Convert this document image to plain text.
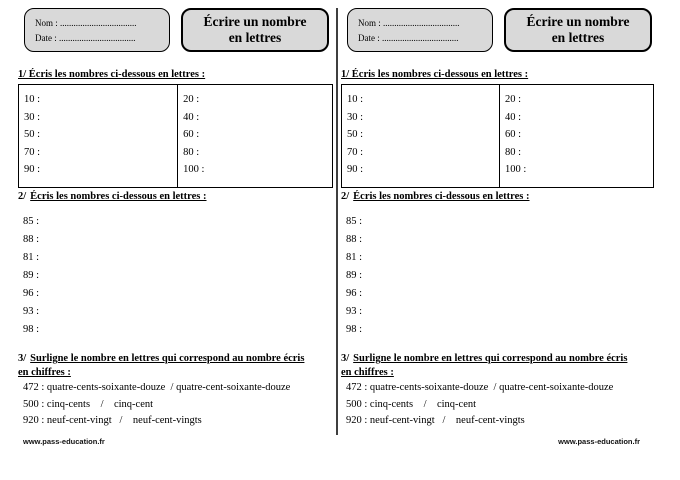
Nom : ..................................
Date : ..................................
Écrire un nombre
en lettres
1/ Écris les nombres ci-dessous en lettres :
10 :
30 :
50 :
70 :
90 :
20 :
40 :
60 :
80 :
100 :
2/ Écris les nombres ci-dessous en lettres :
85 :
88 :
81 :
89 :
96 :
93 :
98 :
3/ Surligne le nombre en lettres qui correspond au nombre écris
en chiffres :
472 : quatre-cents-soixante-douze  / quatre-cent-soixante-douze
500 : cinq-cents    /    cinq-cent
920 : neuf-cent-vingt   /    neuf-cent-vingts
www.pass-education.fr
Nom : ..................................
Date : ..................................
Écrire un nombre
en lettres
1/ Écris les nombres ci-dessous en lettres :
10 :
30 :
50 :
70 :
90 :
20 :
40 :
60 :
80 :
100 :
2/ Écris les nombres ci-dessous en lettres :
85 :
88 :
81 :
89 :
96 :
93 :
98 :
3/ Surligne le nombre en lettres qui correspond au nombre écris
en chiffres :
472 : quatre-cents-soixante-douze  / quatre-cent-soixante-douze
500 : cinq-cents    /    cinq-cent
920 : neuf-cent-vingt   /    neuf-cent-vingts
www.pass-education.fr
